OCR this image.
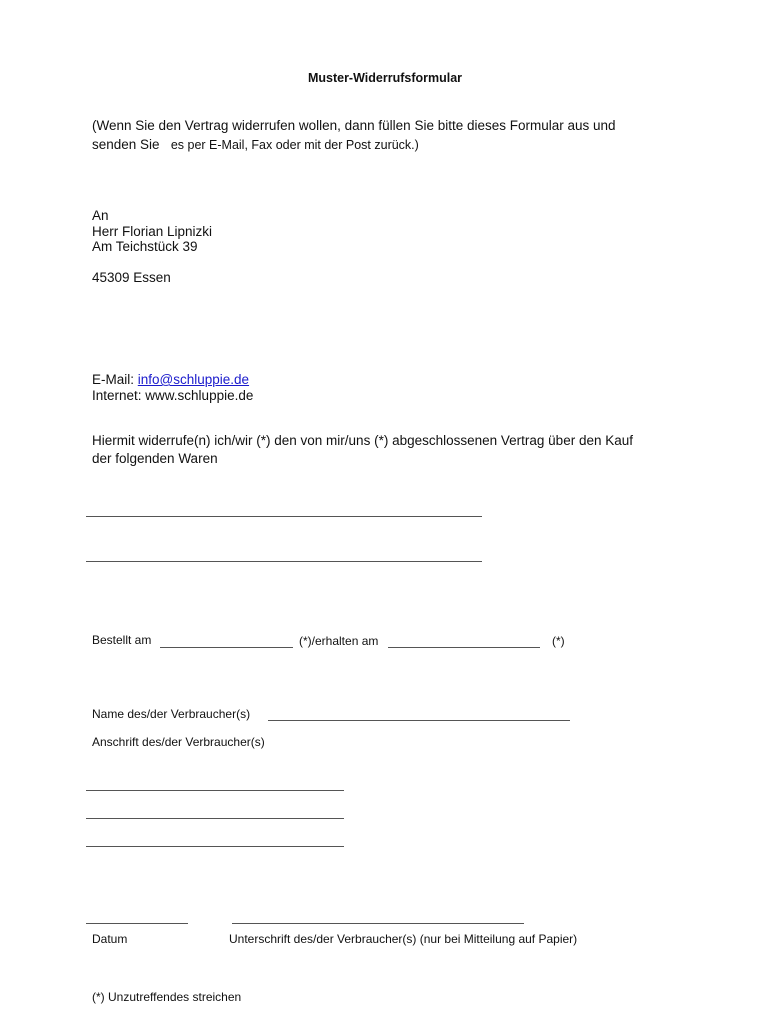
Muster-Widerrufsformular
(Wenn Sie den Vertrag widerrufen wollen, dann füllen Sie bitte dieses Formular aus und
senden Sie es per E-Mail, Fax oder mit der Post zurück.)
An
Herr Florian Lipnizki
Am Teichstück 39
45309 Essen
E-Mail: info@schluppie.de
Internet: www.schluppie.de
Hiermit widerrufe(n) ich/wir (*) den von mir/uns (*) abgeschlossenen Vertrag über den Kauf
der folgenden Waren
Bestellt am	(*)/erhalten am	(*)
Name des/der Verbraucher(s)
Anschrift des/der Verbraucher(s)
Datum	Unterschrift des/der Verbraucher(s) (nur bei Mitteilung auf Papier)
(*) Unzutreffendes streichen
